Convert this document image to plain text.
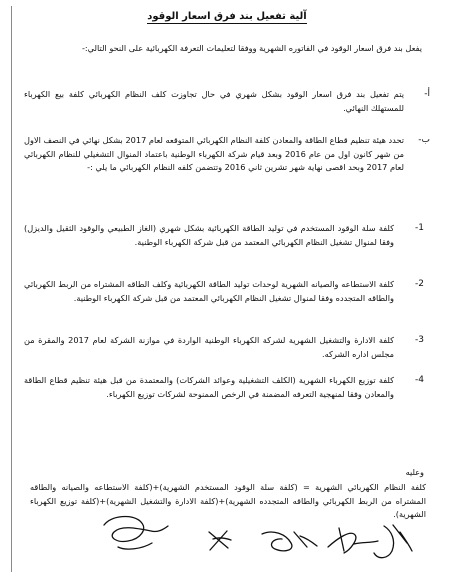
آلية تفعيل بند فرق اسعار الوقود
يفعل بند فرق اسعار الوقود في الفاتوره الشهرية ووفقا لتعليمات التعرفة الكهربائية على النحو التالي:-
أ-
يتم تفعيل بند فرق اسعار الوقود بشكل شهري في حال تجاوزت كلف النظام الكهربائي كلفة بيع الكهرباء للمستهلك النهائي.
ب-
تحدد هيئة تنظيم قطاع الطاقة والمعادن كلفة النظام الكهربائي المتوقعه لعام 2017 بشكل نهائي في النصف الاول من شهر كانون اول من عام 2016 وبعد قيام شركة الكهرباء الوطنية باعتماد المنوال التشغيلي للنظام الكهربائي لعام 2017 وبحد اقصى نهاية شهر تشرين ثاني 2016 وتتضمن كلفه النظام الكهربائي ما يلي :-
1-
كلفة سلة الوقود المستخدم في توليد الطاقة الكهربائية بشكل شهري (الغاز الطبيعي والوقود الثقيل والديزل) وفقا لمنوال تشغيل النظام الكهربائي المعتمد من قبل شركة الكهرباء الوطنية.
2-
كلفة الاستطاعه والصيانه الشهرية لوحدات توليد الطاقة الكهربائية وكلف الطاقه المشتراه من الربط الكهربائي والطاقه المتجدده وفقا لمنوال تشغيل النظام الكهربائي المعتمد من قبل شركة الكهرباء الوطنية.
3-
كلفة الادارة والتشغيل الشهرية لشركة الكهرباء الوطنية الواردة في موازنة الشركة لعام 2017 والمقرة من مجلس اداره الشركه.
4-
كلفة توزيع الكهرباء الشهرية (الكلف التشغيلية وعوائد الشركات) والمعتمدة من قبل هيئة تنظيم قطاع الطاقة والمعادن وفقا لمنهجية التعرفه المضمنة في الرخص الممنوحة لشركات توزيع الكهرباء.
وعليه
كلفة النظام الكهربائي الشهرية = (كلفة سلة الوقود المستخدم الشهرية)+(كلفة الاستطاعه والصيانه والطاقه المشتراه من الربط الكهربائي والطاقه المتجدده الشهرية)+(كلفة الادارة والتشغيل الشهرية)+(كلفة توزيع الكهرباء الشهرية).
